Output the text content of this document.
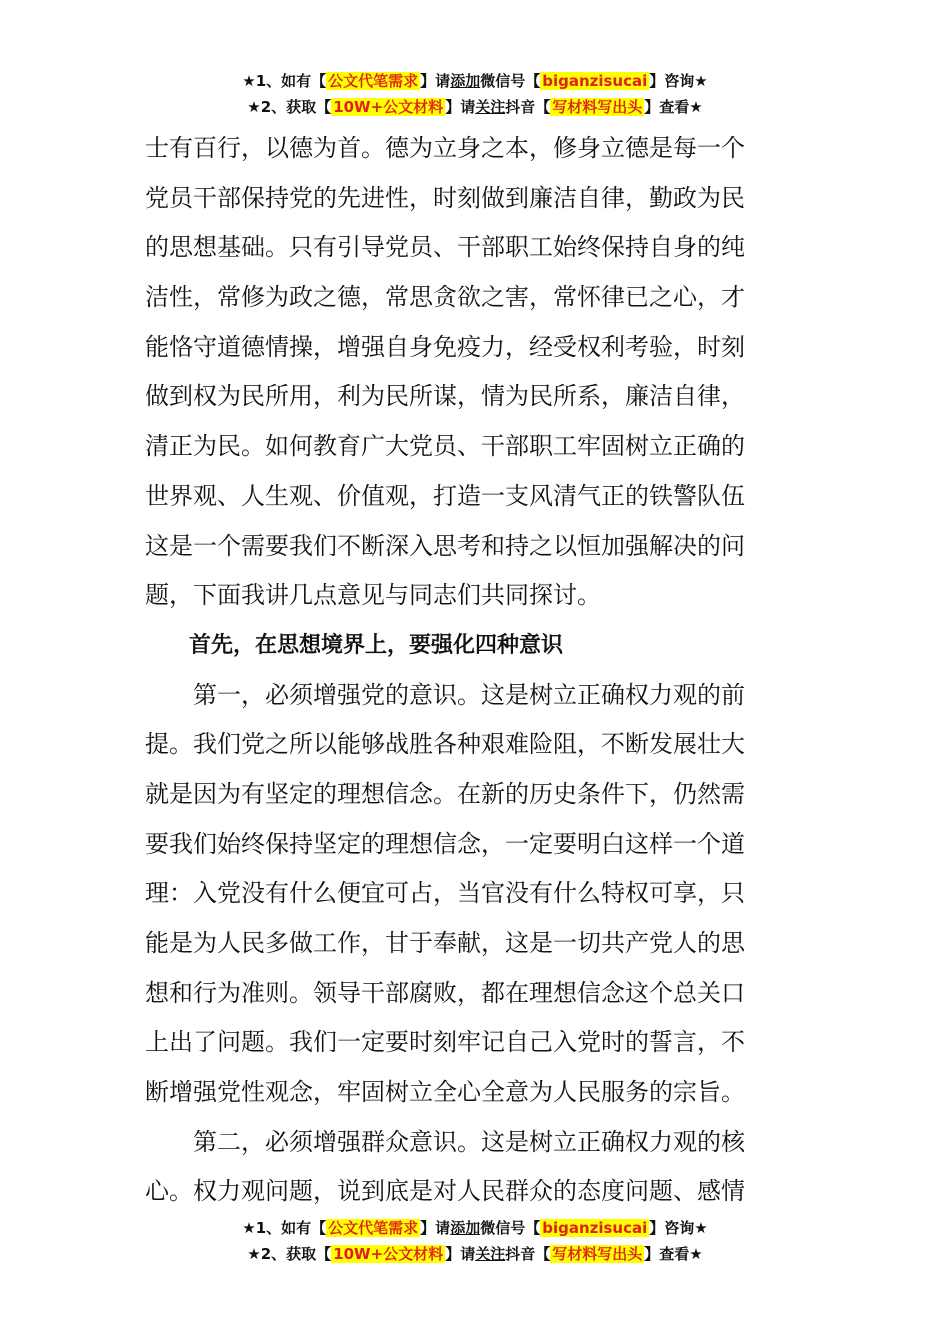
★1、如有【 公文代笔需求 】请添加微信号【 biganzisucai 】咨询★
★2、获取【 10W+公文材料 】请关注抖音【 写材料写出头 】查看★
士有百行，以德为首。德为立身之本，修身立德是每一个
党员干部保持党的先进性，时刻做到廉洁自律，勤政为民
的思想基础。只有引导党员、干部职工始终保持自身的纯
洁性，常修为政之德，常思贪欲之害，常怀律已之心，才
能恪守道德情操，增强自身免疫力，经受权利考验，时刻
做到权为民所用，利为民所谋，情为民所系，廉洁自律，
清正为民。如何教育广大党员、干部职工牢固树立正确的
世界观、人生观、价值观，打造一支风清气正的铁警队伍
这是一个需要我们不断深入思考和持之以恒加强解决的问
题，下面我讲几点意见与同志们共同探讨。
　　首先，在思想境界上，要强化四种意识
　　第一，必须增强党的意识。这是树立正确权力观的前
提。我们党之所以能够战胜各种艰难险阻，不断发展壮大
就是因为有坚定的理想信念。在新的历史条件下，仍然需
要我们始终保持坚定的理想信念，一定要明白这样一个道
理：入党没有什么便宜可占，当官没有什么特权可享，只
能是为人民多做工作，甘于奉献，这是一切共产党人的思
想和行为准则。领导干部腐败，都在理想信念这个总关口
上出了问题。我们一定要时刻牢记自己入党时的誓言，不
断增强党性观念，牢固树立全心全意为人民服务的宗旨。
　　第二，必须增强群众意识。这是树立正确权力观的核
心。权力观问题，说到底是对人民群众的态度问题、感情
★1、如有【 公文代笔需求 】请添加微信号【 biganzisucai 】咨询★
★2、获取【 10W+公文材料 】请关注抖音【 写材料写出头 】查看★
